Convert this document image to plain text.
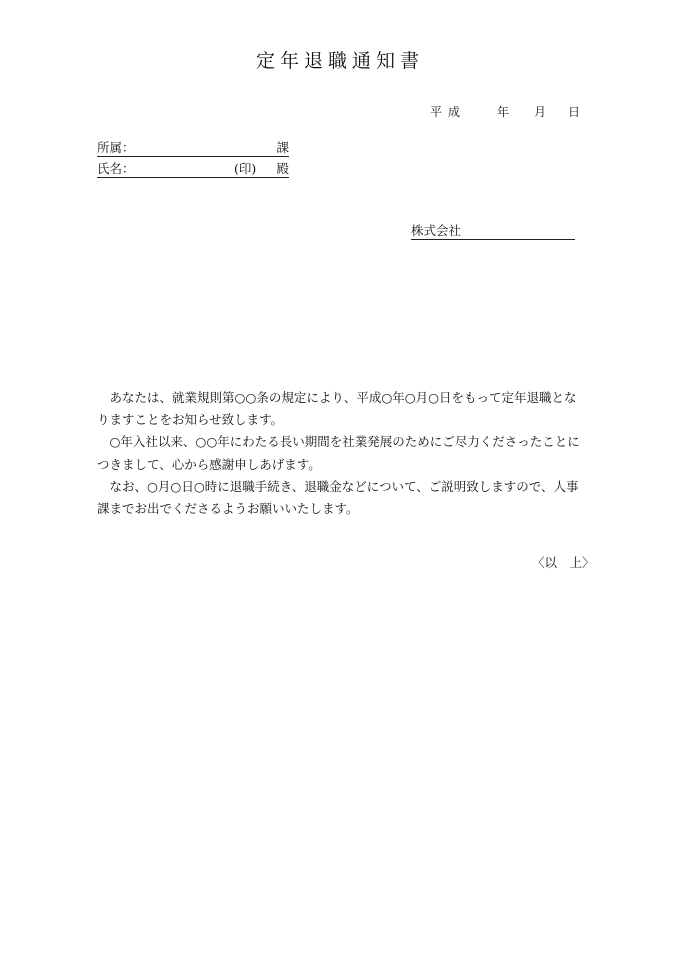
定年退職通知書
平成	年 月 日
所属：	課
氏名：	(印) 殿
株式会社

あなたは、就業規則第○○条の規定により、平成○年○月○日をもって定年退職となりますことをお知らせ致します。

○年入社以来、○○年にわたる長い期間を社業発展のためにご尽力くださったことにつきまして、心から感謝申しあげます。

なお、○月○日○時に退職手続き、退職金などについて、ご説明致しますので、人事課までお出でくださるようお願いいたします。

〈以　上〉
